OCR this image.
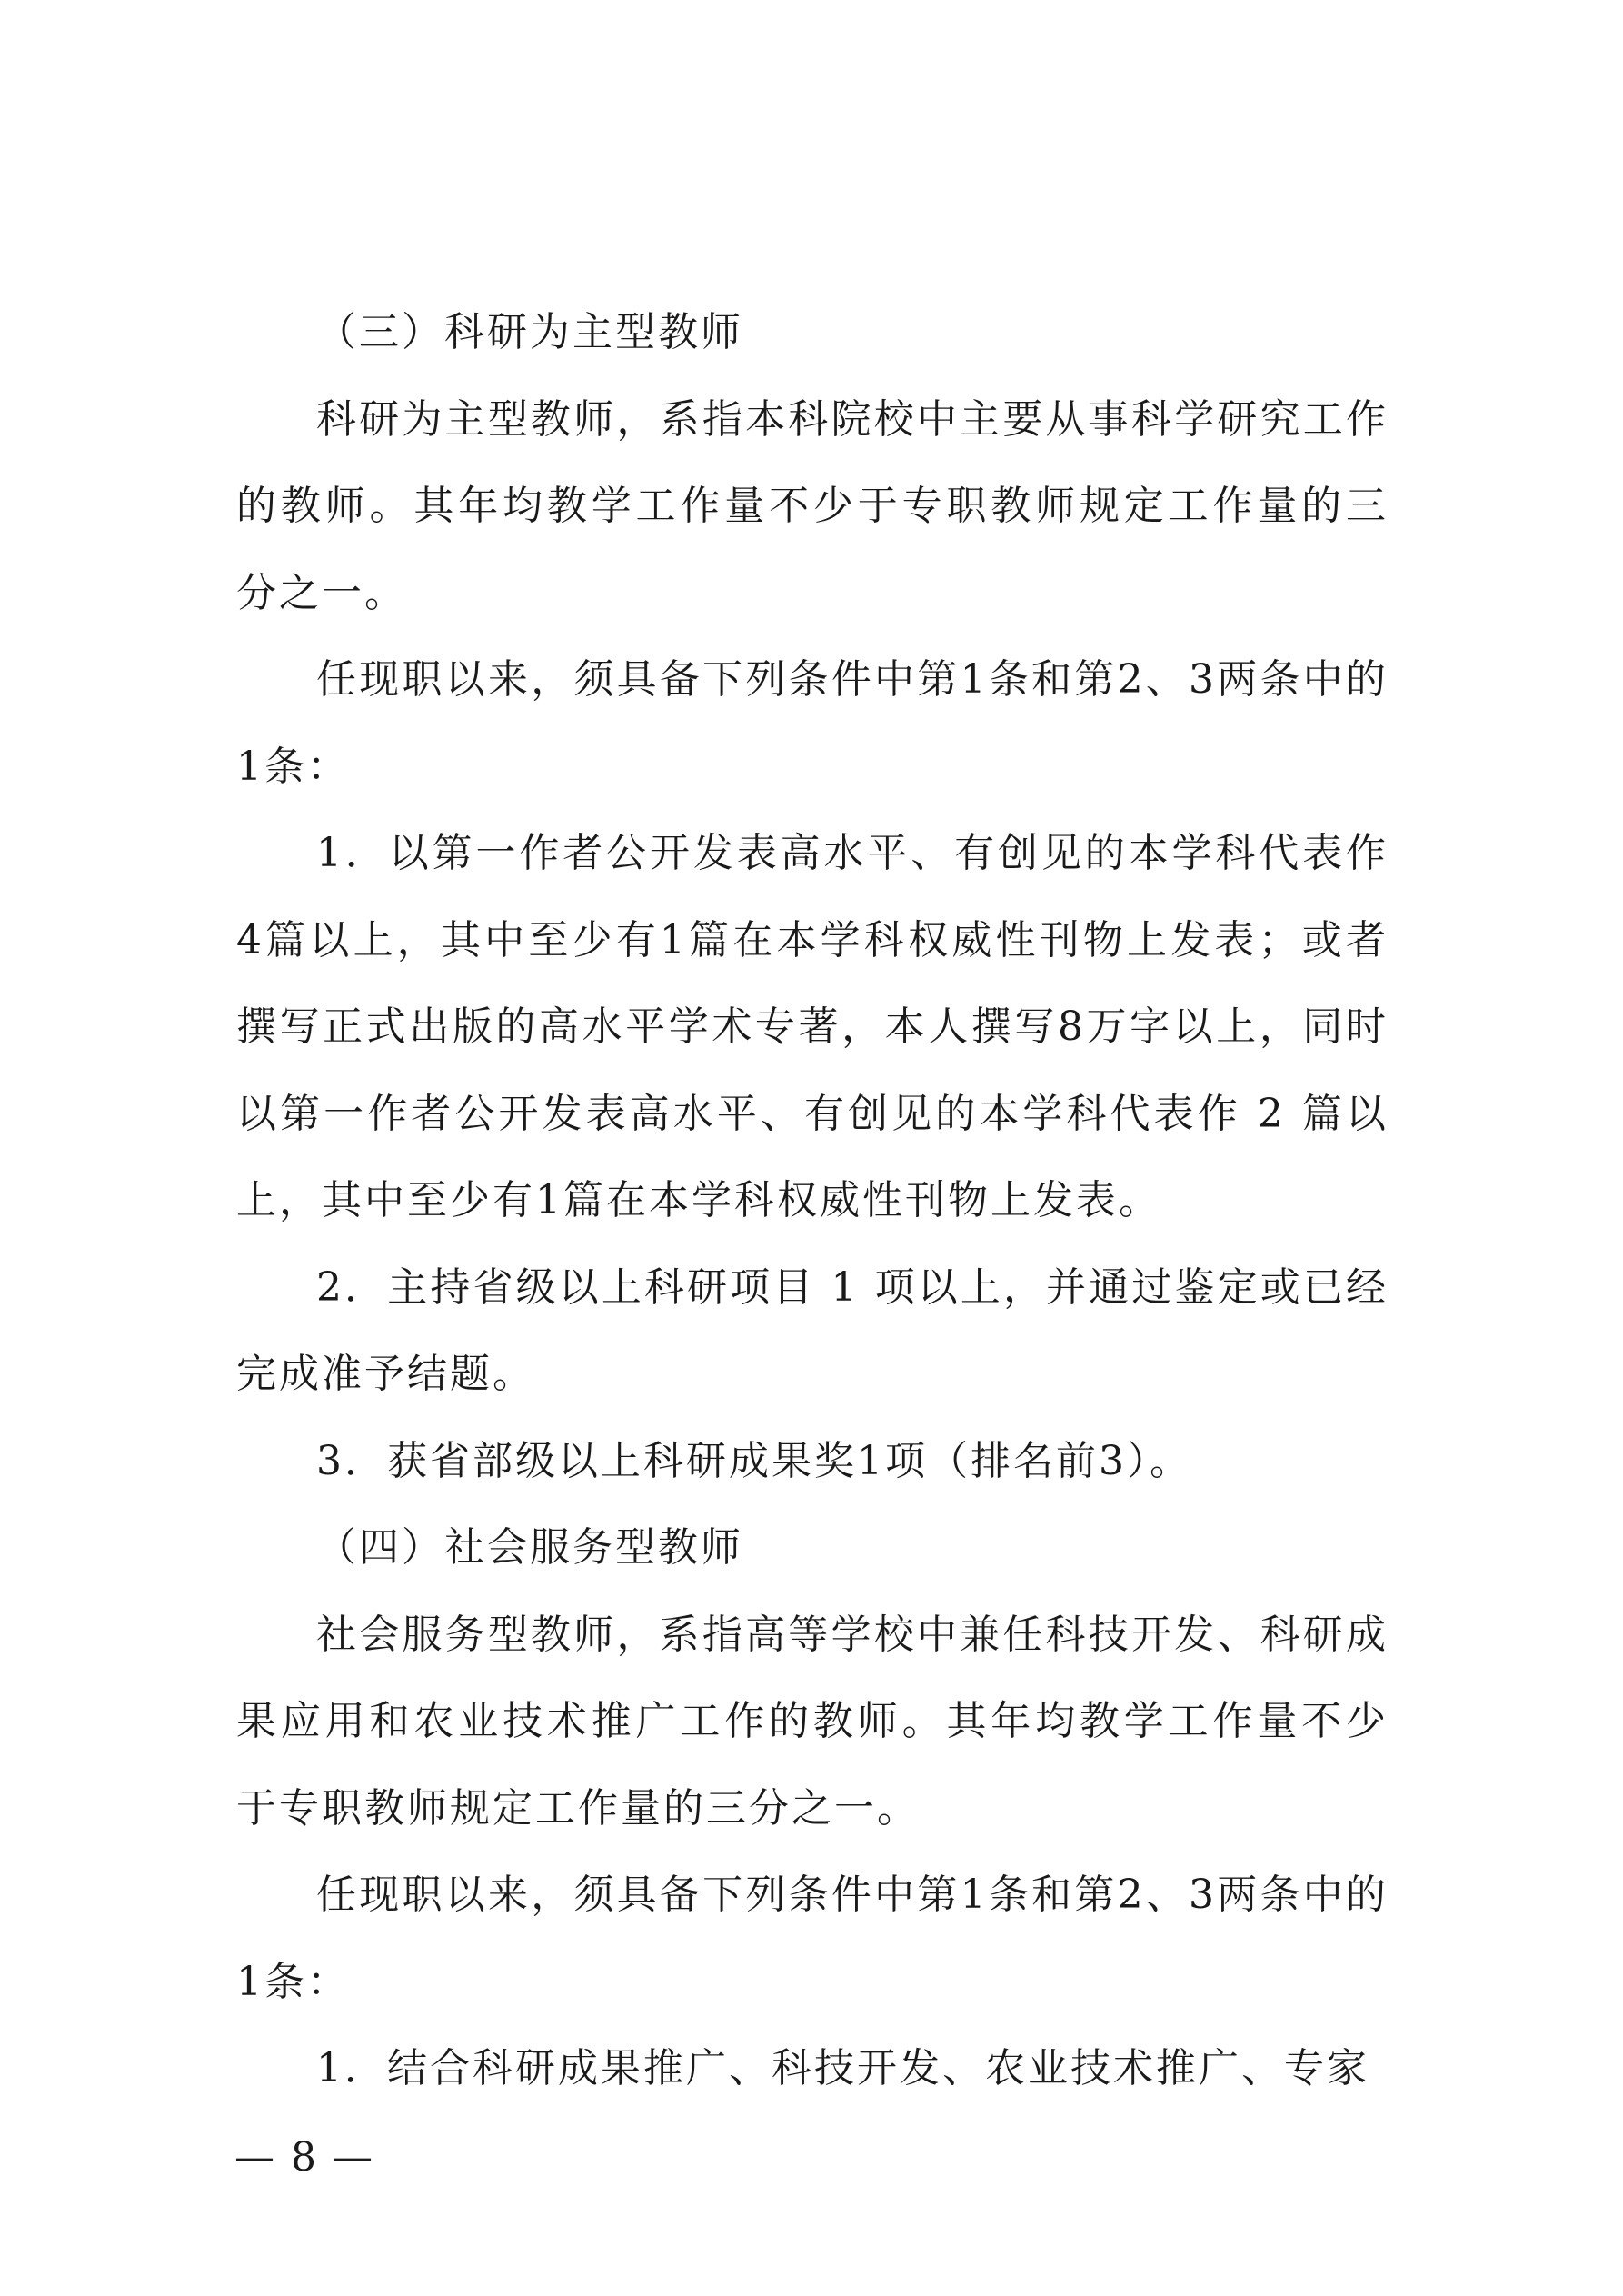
（三）科研为主型教师

科研为主型教师，系指本科院校中主要从事科学研究工作的教师。其年均教学工作量不少于专职教师规定工作量的三分之一。

任现职以来，须具备下列条件中第1条和第2、3两条中的1条：

1．以第一作者公开发表高水平、有创见的本学科代表作4篇以上，其中至少有1篇在本学科权威性刊物上发表；或者撰写正式出版的高水平学术专著，本人撰写8万字以上，同时以第一作者公开发表高水平、有创见的本学科代表作 2 篇以上，其中至少有1篇在本学科权威性刊物上发表。

2．主持省级以上科研项目 1 项以上，并通过鉴定或已经完成准予结题。

3．获省部级以上科研成果奖1项（排名前3）。

（四）社会服务型教师

社会服务型教师，系指高等学校中兼任科技开发、科研成果应用和农业技术推广工作的教师。其年均教学工作量不少于专职教师规定工作量的三分之一。

任现职以来，须具备下列条件中第1条和第2、3两条中的1条：

1．结合科研成果推广、科技开发、农业技术推广、专家

— 8 —
